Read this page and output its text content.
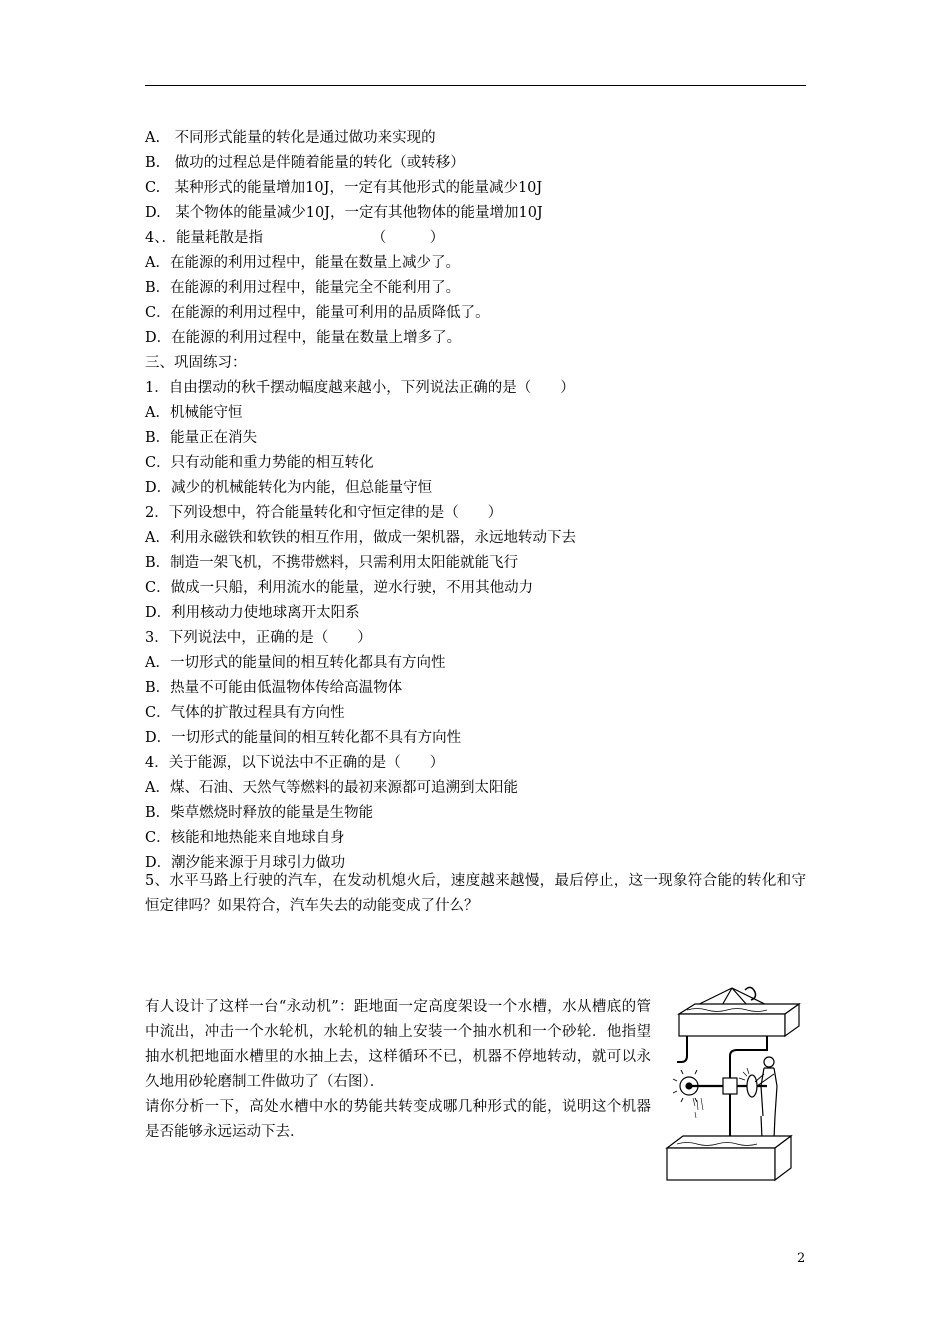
A.　不同形式能量的转化是通过做功来实现的
B.　做功的过程总是伴随着能量的转化（或转移）
C.　某种形式的能量增加10J，一定有其他形式的能量减少10J
D.　某个物体的能量减少10J，一定有其他物体的能量增加10J
4、．能量耗散是指　　　　　　　　（　　　）
A．在能源的利用过程中，能量在数量上减少了。
B．在能源的利用过程中，能量完全不能利用了。
C．在能源的利用过程中，能量可利用的品质降低了。
D．在能源的利用过程中，能量在数量上增多了。
三、巩固练习：
1．自由摆动的秋千摆动幅度越来越小，下列说法正确的是（　　）
A．机械能守恒
B．能量正在消失
C．只有动能和重力势能的相互转化
D．减少的机械能转化为内能，但总能量守恒
2．下列设想中，符合能量转化和守恒定律的是（　　）
A．利用永磁铁和软铁的相互作用，做成一架机器，永远地转动下去
B．制造一架飞机，不携带燃料，只需利用太阳能就能飞行
C．做成一只船，利用流水的能量，逆水行驶，不用其他动力
D．利用核动力使地球离开太阳系
3．下列说法中，正确的是（　　）
A．一切形式的能量间的相互转化都具有方向性
B．热量不可能由低温物体传给高温物体
C．气体的扩散过程具有方向性
D．一切形式的能量间的相互转化都不具有方向性
4．关于能源，以下说法中不正确的是（　　）
A．煤、石油、天然气等燃料的最初来源都可追溯到太阳能
B．柴草燃烧时释放的能量是生物能
C．核能和地热能来自地球自身
D．潮汐能来源于月球引力做功
5、水平马路上行驶的汽车，在发动机熄火后，速度越来越慢，最后停止，这一现象符合能的转化和守恒定律吗？如果符合，汽车失去的动能变成了什么？

有人设计了这样一台“永动机”：距地面一定高度架设一个水槽，水从槽底的管中流出，冲击一个水轮机，水轮机的轴上安装一个抽水机和一个砂轮．他指望抽水机把地面水槽里的水抽上去，这样循环不已，机器不停地转动，就可以永久地用砂轮磨制工件做功了（右图）．

请你分析一下，高处水槽中水的势能共转变成哪几种形式的能，说明这个机器是否能够永远运动下去．

2
